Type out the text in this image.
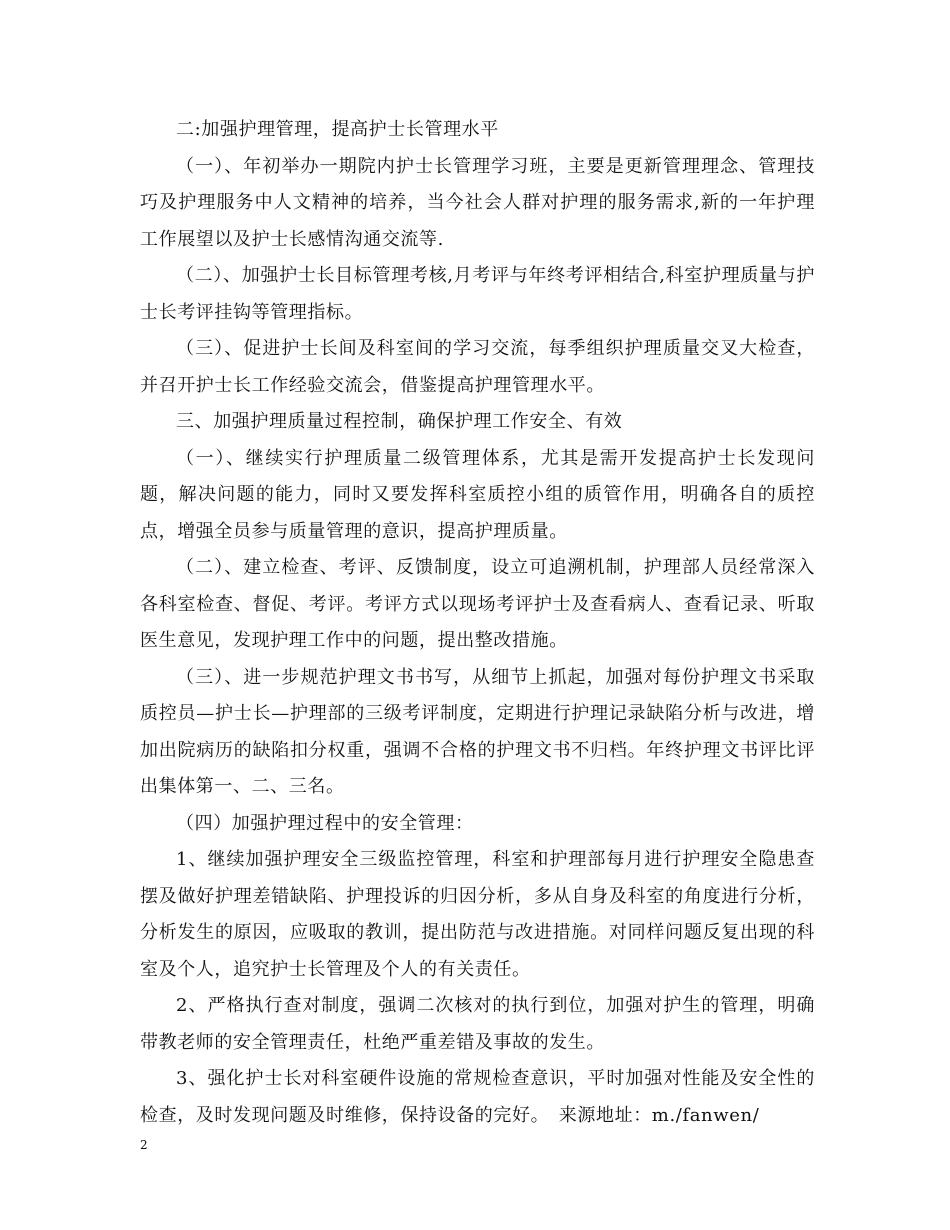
二:加强护理管理，提高护士长管理水平

（一）、年初举办一期院内护士长管理学习班，主要是更新管理理念、管理技巧及护理服务中人文精神的培养，当今社会人群对护理的服务需求,新的一年护理工作展望以及护士长感情沟通交流等.

（二）、加强护士长目标管理考核,月考评与年终考评相结合,科室护理质量与护士长考评挂钩等管理指标。

（三）、促进护士长间及科室间的学习交流，每季组织护理质量交叉大检查，并召开护士长工作经验交流会，借鉴提高护理管理水平。

三、加强护理质量过程控制，确保护理工作安全、有效

（一）、继续实行护理质量二级管理体系，尤其是需开发提高护士长发现问题，解决问题的能力，同时又要发挥科室质控小组的质管作用，明确各自的质控点，增强全员参与质量管理的意识，提高护理质量。

（二）、建立检查、考评、反馈制度，设立可追溯机制，护理部人员经常深入各科室检查、督促、考评。考评方式以现场考评护士及查看病人、查看记录、听取医生意见，发现护理工作中的问题，提出整改措施。

（三）、进一步规范护理文书书写，从细节上抓起，加强对每份护理文书采取质控员—护士长—护理部的三级考评制度，定期进行护理记录缺陷分析与改进，增加出院病历的缺陷扣分权重，强调不合格的护理文书不归档。年终护理文书评比评出集体第一、二、三名。

（四）加强护理过程中的安全管理：

1、继续加强护理安全三级监控管理，科室和护理部每月进行护理安全隐患查摆及做好护理差错缺陷、护理投诉的归因分析，多从自身及科室的角度进行分析，分析发生的原因，应吸取的教训，提出防范与改进措施。对同样问题反复出现的科室及个人，追究护士长管理及个人的有关责任。

2、严格执行查对制度，强调二次核对的执行到位，加强对护生的管理，明确带教老师的安全管理责任，杜绝严重差错及事故的发生。

3、强化护士长对科室硬件设施的常规检查意识，平时加强对性能及安全性的检查，及时发现问题及时维修，保持设备的完好。　来源地址：m./fanwen/

2
